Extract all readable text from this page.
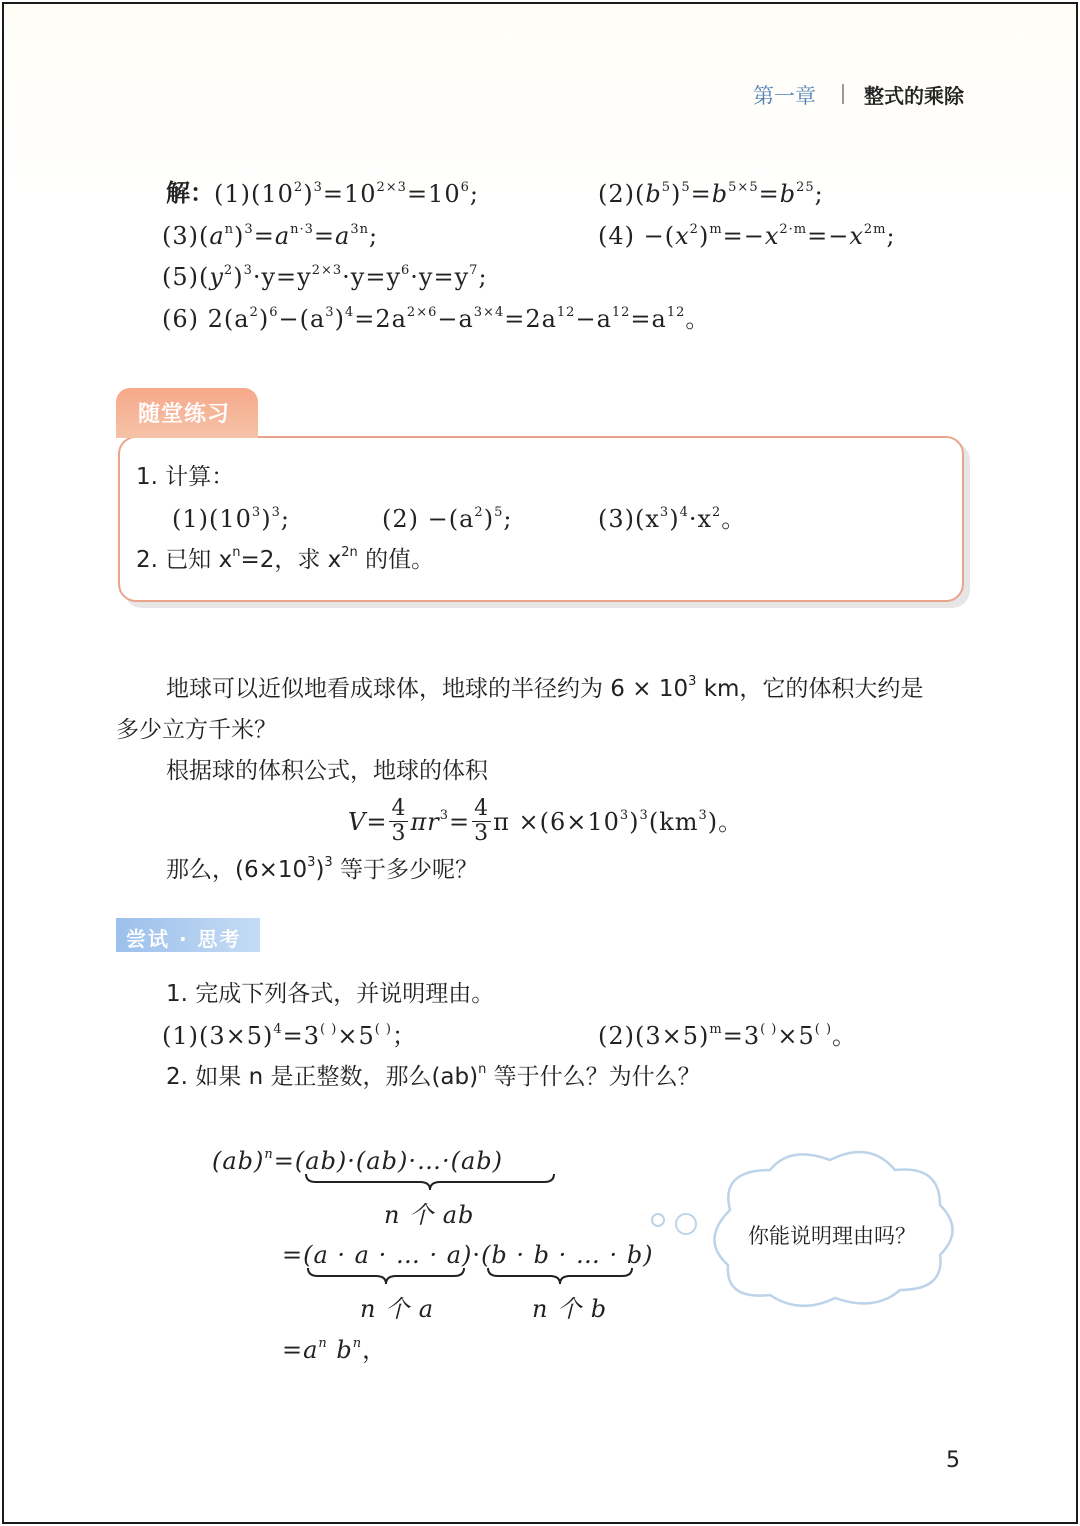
第一章 整式的乘除
解： $(1)(10^2)^3=10^{2\times 3}=10^6$;	$(2)(b^5)^5=b^{5\times 5}=b^{25}$;
$(3)(a^n)^3=a^{n\cdot 3}=a^{3n}$;	$(4) -(x^2)^m=-x^{2\cdot m}=-x^{2m}$;
$(5)(y^2)^3\cdot y=y^{2\times 3}\cdot y=y^6\cdot y=y^7$;
(6) $2(a^2)^6-(a^3)^4=2a^{2\times 6}-a^{3\times 4}=2a^{12}-a^{12}=a^{12}$。
随堂练习
1. 计算：
$(1)(10^3)^3$;	$(2) -(a^2)^5$;	$(3)(x^3)^4\cdot x^2$。
2. 已知 $x^n=2$，求 $x^{2n}$ 的值。
地球可以近似地看成球体，地球的半径约为 $6 \times 10^3$ km，它的体积大约是
多少立方千米？
根据球的体积公式，地球的体积
$V= \frac{4}{3} \pi r^3= \frac{4}{3}$ $\pi \times(6\times 10^3)^3(km^3)$。
那么，$(6\times 10^3)^3$ 等于多少呢？
尝试 · 思考
1. 完成下列各式，并说明理由。
$(1)(3\times 5)^4=3^{( )}\times 5^{( )}$；	$(2)(3\times 5)^m=3^{( )}\times 5^{( )}$。
2. 如果 n 是正整数，那么(ab)$^n$ 等于什么？为什么？
(ab)$^n$=(ab)·(ab)·…·(ab)
n 个 ab
=(a · a · … · a) · (b · b · … · b)
n 个 a	n 个 b
$=a^n$ $b^n$，
你能说明理由吗？
5
